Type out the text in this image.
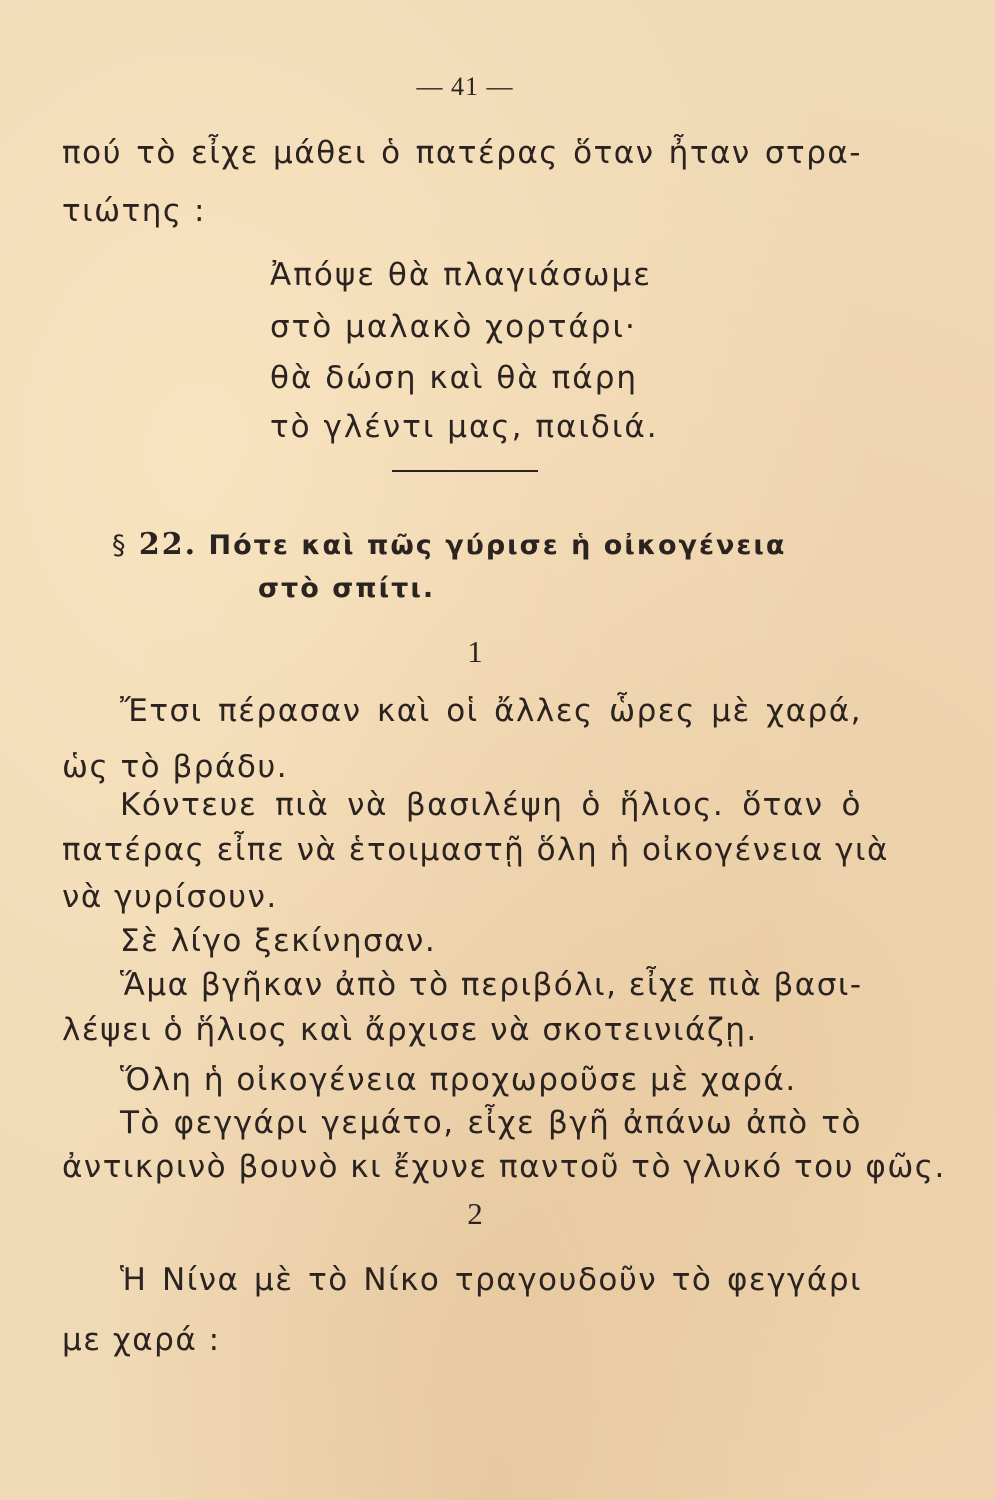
— 41 —
πού τὸ εἶχε μάθει ὁ πατέρας ὅταν ἦταν στρα-
τιώτης :
Ἀπόψε θὰ πλαγιάσωμε
στὸ μαλακὸ χορτάρι·
θὰ δώση καὶ θὰ πάρη
τὸ γλέντι μας, παιδιά.
§ 22. Πότε καὶ πῶς γύρισε ἡ οἰκογένεια
στὸ σπίτι.
1
Ἔτσι πέρασαν καὶ οἱ ἄλλες ὧρες μὲ χαρά,
ὡς τὸ βράδυ.
Κόντευε πιὰ νὰ βασιλέψη ὁ ἥλιος. ὅταν ὁ
πατέρας εἶπε νὰ ἑτοιμαστῇ ὅλη ἡ οἰκογένεια γιὰ
νὰ γυρίσουν.
Σὲ λίγο ξεκίνησαν.
Ἅμα βγῆκαν ἀπὸ τὸ περιβόλι, εἶχε πιὰ βασι-
λέψει ὁ ἥλιος καὶ ἄρχισε νὰ σκοτεινιάζῃ.
Ὅλη ἡ οἰκογένεια προχωροῦσε μὲ χαρά.
Τὸ φεγγάρι γεμάτο, εἶχε βγῆ ἀπάνω ἀπὸ τὸ
ἀντικρινὸ βουνὸ κι ἔχυνε παντοῦ τὸ γλυκό του φῶς.
2
Ἡ Νίνα μὲ τὸ Νίκο τραγουδοῦν τὸ φεγγάρι
με χαρά :
